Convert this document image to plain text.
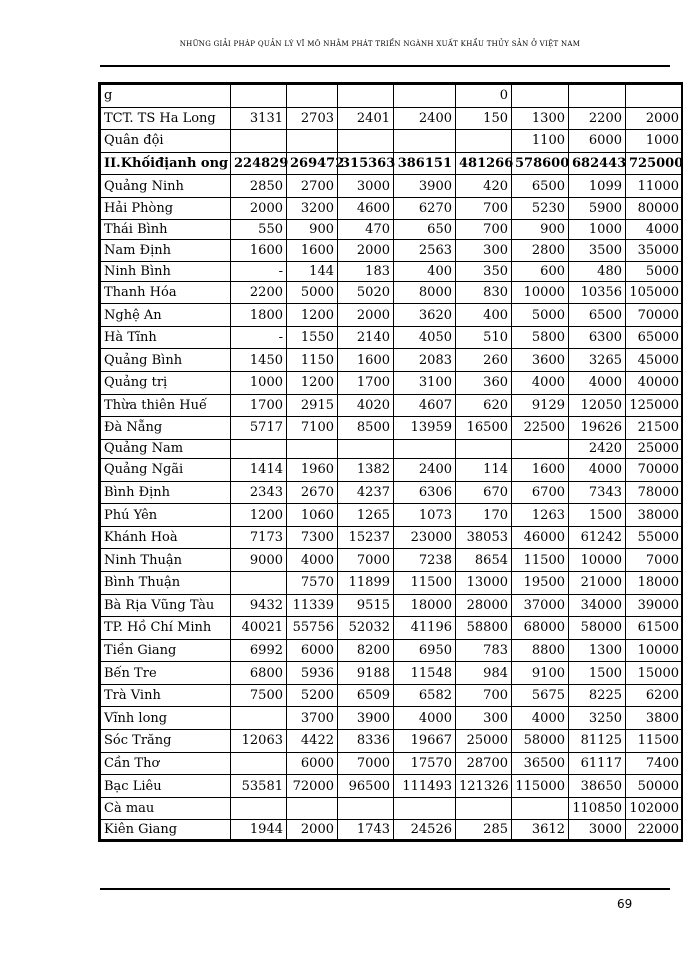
NHỮNG GIẢI PHÁP QUẢN LÝ VĨ MÔ NHẰM PHÁT TRIỂN NGÀNH XUẤT KHẨU THỦY SẢN Ở VIỆT NAM
g					0			
TCT. TS Ha Long	3131	2703	2401	2400	150	1300	2200	2000
Quân đội						1100	6000	1000
II.Khốiđịanh ong	224829	269472	315363	386151	481266	578600	682443	725000
Quảng Ninh	2850	2700	3000	3900	420	6500	1099	11000
Hải Phòng	2000	3200	4600	6270	700	5230	5900	80000
Thái Bình	550	900	470	650	700	900	1000	4000
Nam Định	1600	1600	2000	2563	300	2800	3500	35000
Ninh Bình	-	144	183	400	350	600	480	5000
Thanh Hóa	2200	5000	5020	8000	830	10000	10356	105000
Nghệ An	1800	1200	2000	3620	400	5000	6500	70000
Hà Tĩnh	-	1550	2140	4050	510	5800	6300	65000
Quảng Bình	1450	1150	1600	2083	260	3600	3265	45000
Quảng trị	1000	1200	1700	3100	360	4000	4000	40000
Thừa thiên Huế	1700	2915	4020	4607	620	9129	12050	125000
Đà Nẵng	5717	7100	8500	13959	16500	22500	19626	21500
Quảng Nam							2420	25000
Quảng Ngãi	1414	1960	1382	2400	114	1600	4000	70000
Bình Định	2343	2670	4237	6306	670	6700	7343	78000
Phú Yên	1200	1060	1265	1073	170	1263	1500	38000
Khánh Hoà	7173	7300	15237	23000	38053	46000	61242	55000
Ninh Thuận	9000	4000	7000	7238	8654	11500	10000	7000
Bình Thuận		7570	11899	11500	13000	19500	21000	18000
Bà Rịa Vũng Tàu	9432	11339	9515	18000	28000	37000	34000	39000
TP. Hồ Chí Minh	40021	55756	52032	41196	58800	68000	58000	61500
Tiền Giang	6992	6000	8200	6950	783	8800	1300	10000
Bến Tre	6800	5936	9188	11548	984	9100	1500	15000
Trà Vinh	7500	5200	6509	6582	700	5675	8225	6200
Vĩnh long		3700	3900	4000	300	4000	3250	3800
Sóc Trăng	12063	4422	8336	19667	25000	58000	81125	11500
Cần Thơ		6000	7000	17570	28700	36500	61117	7400
Bạc Liêu	53581	72000	96500	111493	121326	115000	38650	50000
Cà mau							110850	102000
Kiên Giang	1944	2000	1743	24526	285	3612	3000	22000
69
